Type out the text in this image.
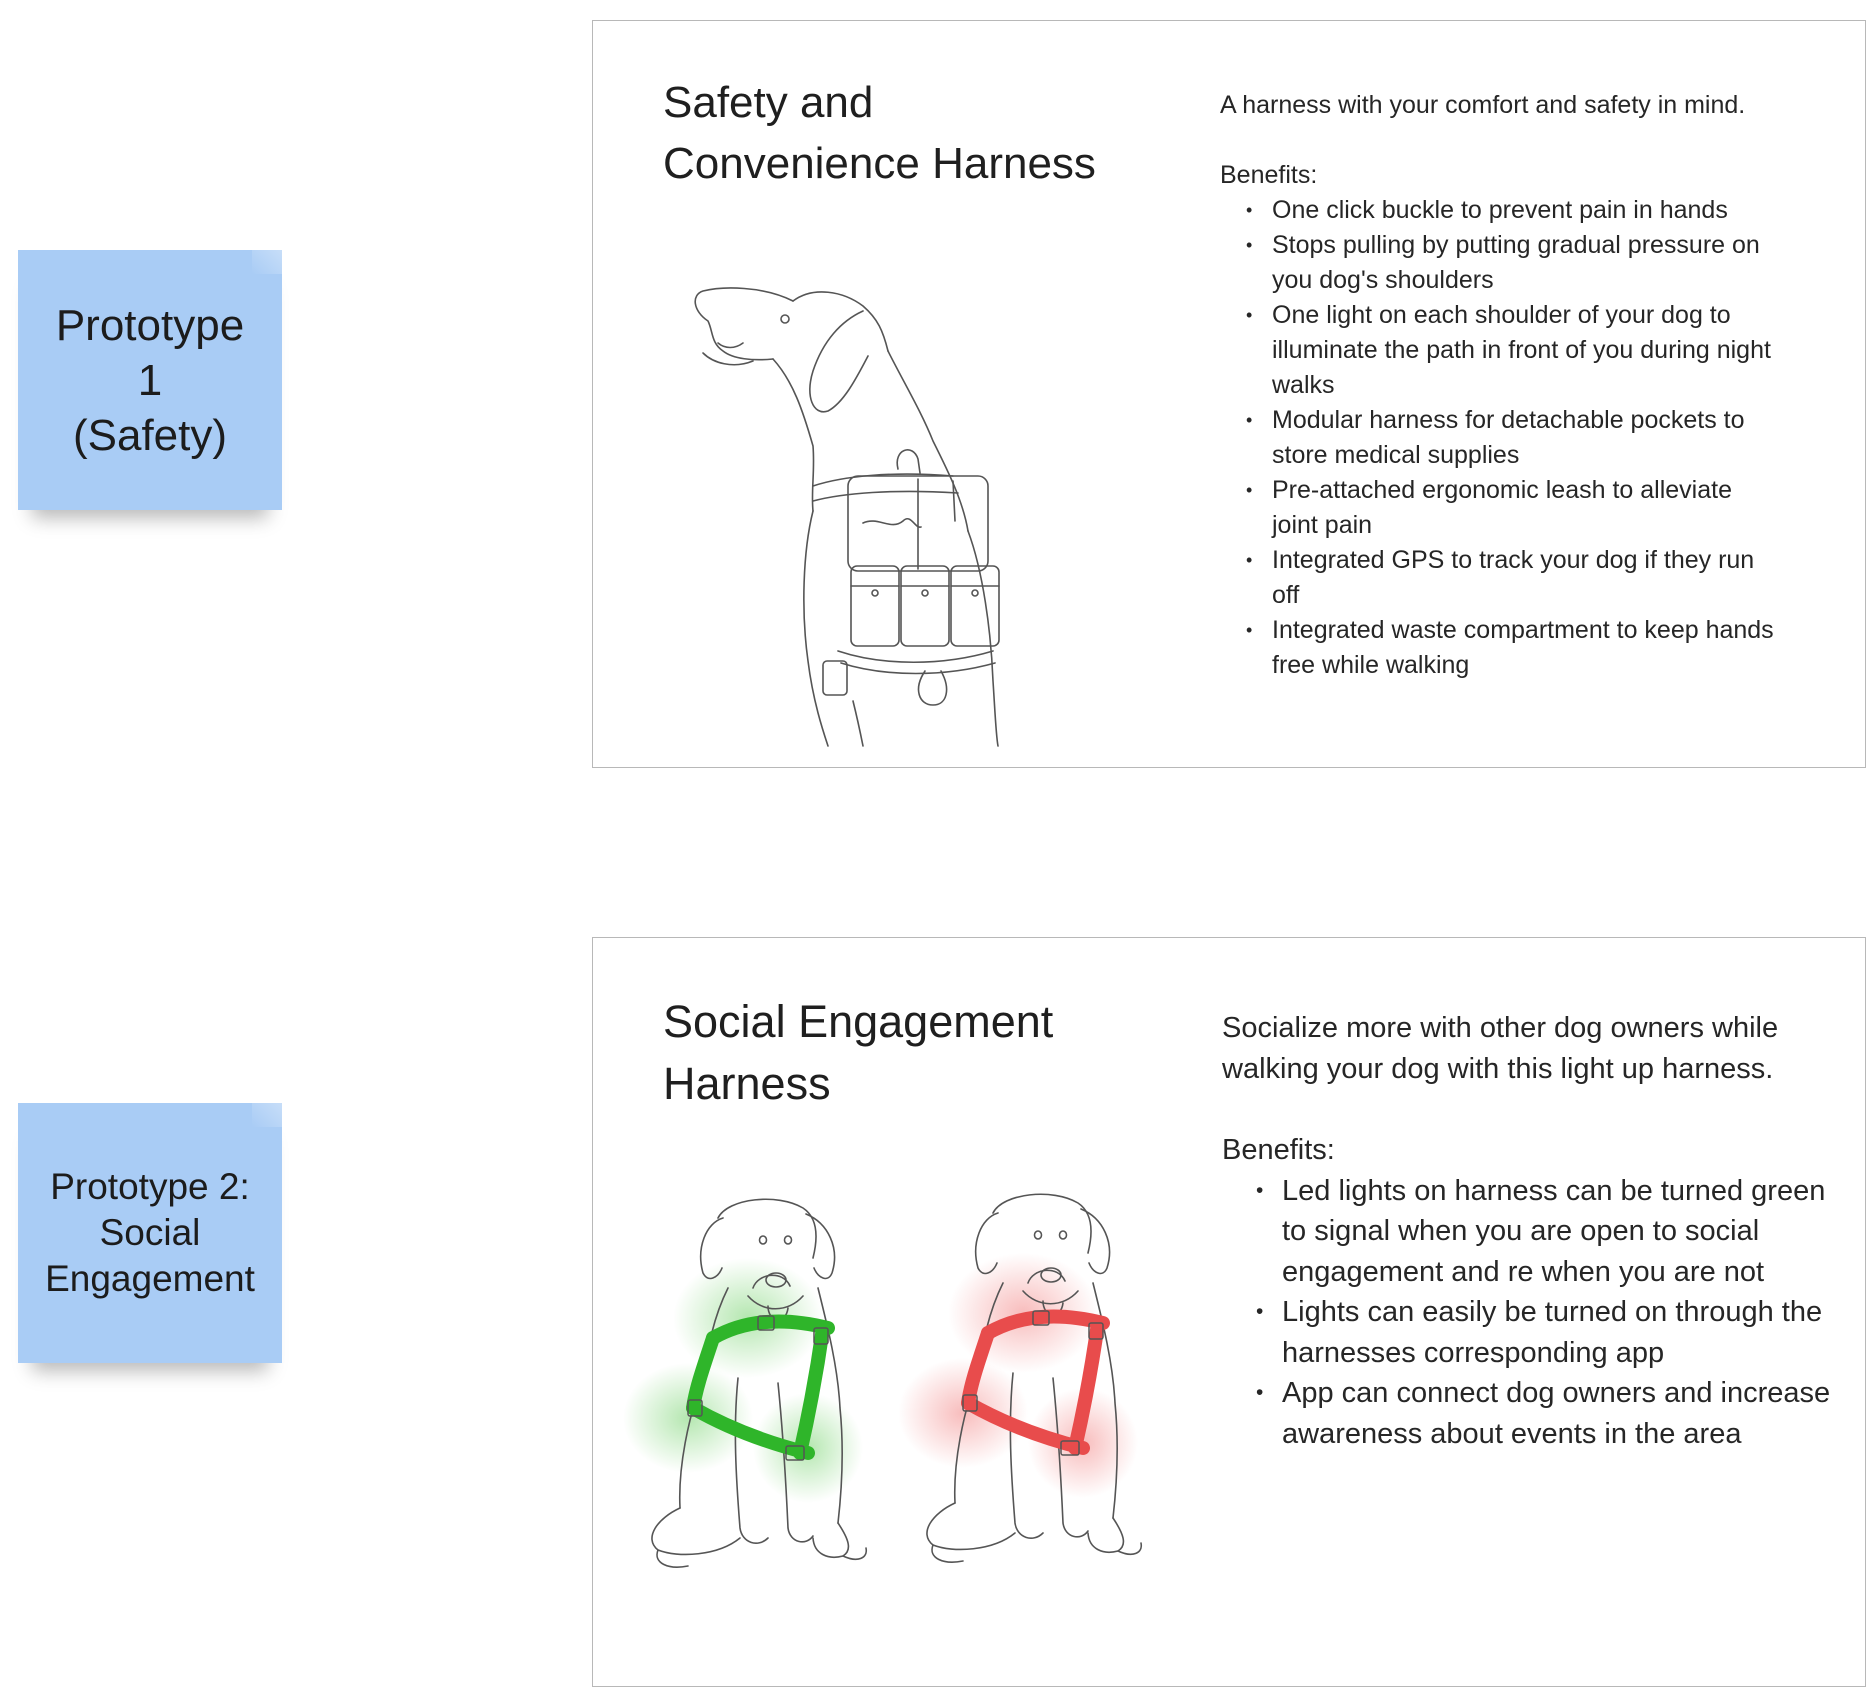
Prototype
1
(Safety)
Prototype 2:
Social
Engagement
Safety and
Convenience Harness

A harness with your comfort and safety in mind.

Benefits:

• One click buckle to prevent pain in hands
• Stops pulling by putting gradual pressure on you dog's shoulders
• One light on each shoulder of your dog to illuminate the path in front of you during night walks
• Modular harness for detachable pockets to store medical supplies
• Pre-attached ergonomic leash to alleviate joint pain
• Integrated GPS to track your dog if they run off
• Integrated waste compartment to keep hands free while walking
Social Engagement
Harness

Socialize more with other dog owners while walking your dog with this light up harness.

Benefits:

• Led lights on harness can be turned green to signal when you are open to social engagement and re when you are not
• Lights can easily be turned on through the harnesses corresponding app
• App can connect dog owners and increase awareness about events in the area
